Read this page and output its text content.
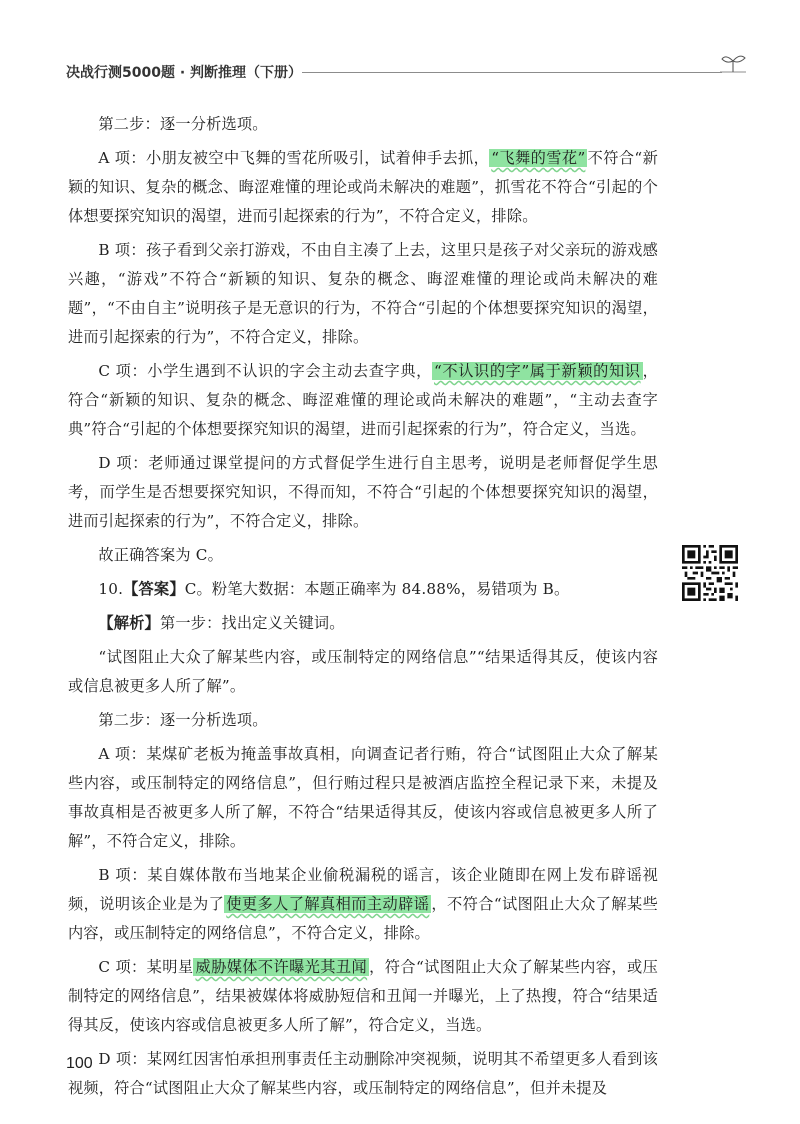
决战行测5000题 · 判断推理（下册）

第二步：逐一分析选项。

A 项：小朋友被空中飞舞的雪花所吸引，试着伸手去抓， “飞舞的雪花” 不符合“新颖的知识、复杂的概念、晦涩难懂的理论或尚未解决的难题”，抓雪花不符合“引起的个体想要探究知识的渴望，进而引起探索的行为”，不符合定义，排除。

B 项：孩子看到父亲打游戏，不由自主凑了上去，这里只是孩子对父亲玩的游戏感兴趣，“游戏”不符合“新颖的知识、复杂的概念、晦涩难懂的理论或尚未解决的难题”，“不由自主”说明孩子是无意识的行为，不符合“引起的个体想要探究知识的渴望，进而引起探索的行为”，不符合定义，排除。

C 项：小学生遇到不认识的字会主动去查字典， “不认识的字”属于新颖的知识 ，符合“新颖的知识、复杂的概念、晦涩难懂的理论或尚未解决的难题”，“主动去查字典”符合“引起的个体想要探究知识的渴望，进而引起探索的行为”，符合定义，当选。

D 项：老师通过课堂提问的方式督促学生进行自主思考，说明是老师督促学生思考，而学生是否想要探究知识，不得而知，不符合“引起的个体想要探究知识的渴望，进而引起探索的行为”，不符合定义，排除。

故正确答案为 C。

10.【答案】C。粉笔大数据：本题正确率为 84.88%，易错项为 B。

【解析】第一步：找出定义关键词。

“试图阻止大众了解某些内容，或压制特定的网络信息”“结果适得其反，使该内容或信息被更多人所了解”。

第二步：逐一分析选项。

A 项：某煤矿老板为掩盖事故真相，向调查记者行贿，符合“试图阻止大众了解某些内容，或压制特定的网络信息”，但行贿过程只是被酒店监控全程记录下来，未提及事故真相是否被更多人所了解，不符合“结果适得其反，使该内容或信息被更多人所了解”，不符合定义，排除。

B 项：某自媒体散布当地某企业偷税漏税的谣言，该企业随即在网上发布辟谣视频，说明该企业是为了 使更多人了解真相而主动辟谣 ，不符合“试图阻止大众了解某些内容，或压制特定的网络信息”，不符合定义，排除。

C 项：某明星 威胁媒体不许曝光其丑闻 ，符合“试图阻止大众了解某些内容，或压制特定的网络信息”，结果被媒体将威胁短信和丑闻一并曝光，上了热搜，符合“结果适得其反，使该内容或信息被更多人所了解”，符合定义，当选。

D 项：某网红因害怕承担刑事责任主动删除冲突视频，说明其不希望更多人看到该视频，符合“试图阻止大众了解某些内容，或压制特定的网络信息”，但并未提及

100
